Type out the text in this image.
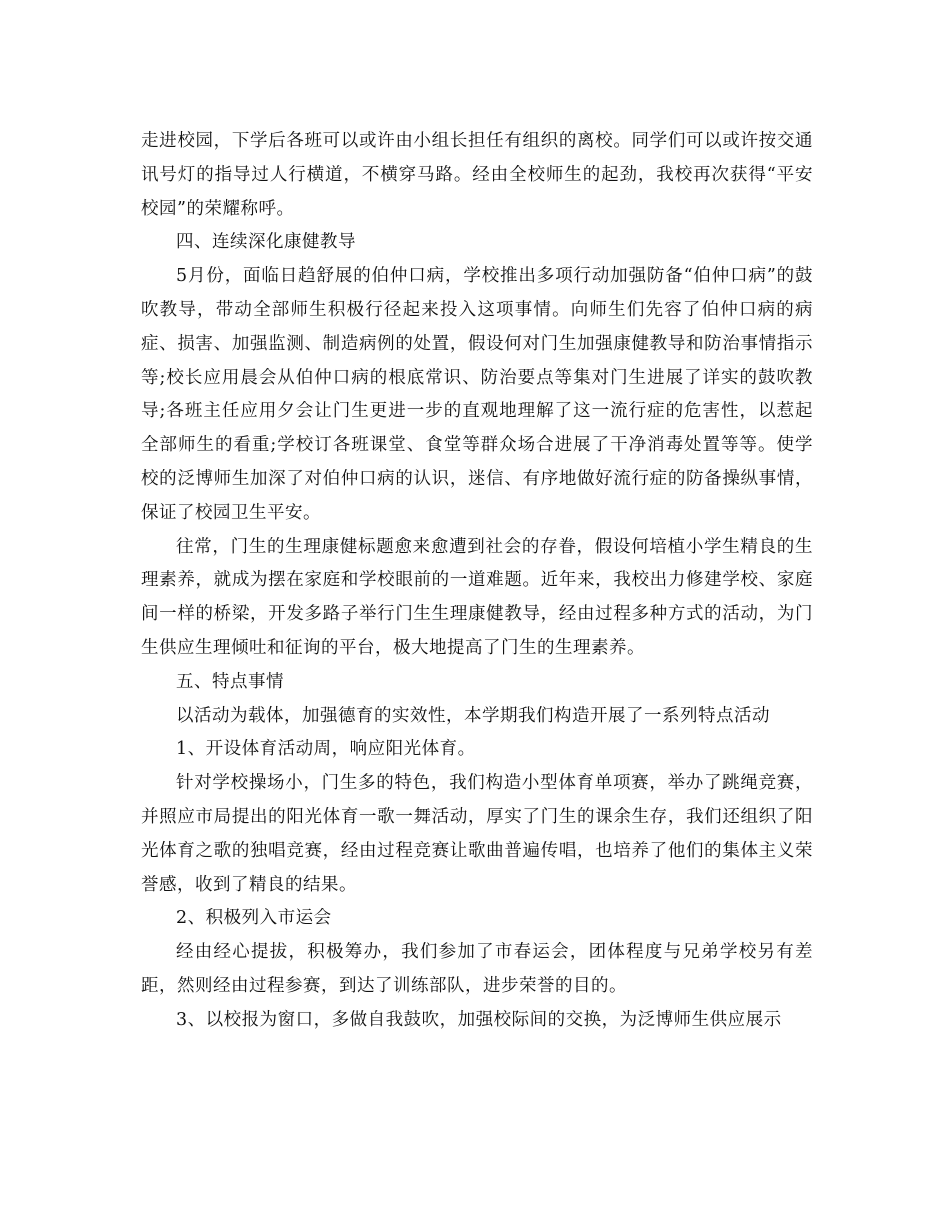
走进校园，下学后各班可以或许由小组长担任有组织的离校。同学们可以或许按交通讯号灯的指导过人行横道，不横穿马路。经由全校师生的起劲，我校再次获得“平安校园”的荣耀称呼。

四、连续深化康健教导

5月份，面临日趋舒展的伯仲口病，学校推出多项行动加强防备“伯仲口病”的鼓吹教导，带动全部师生积极行径起来投入这项事情。向师生们先容了伯仲口病的病症、损害、加强监测、制造病例的处置，假设何对门生加强康健教导和防治事情指示等;校长应用晨会从伯仲口病的根底常识、防治要点等集对门生进展了详实的鼓吹教导;各班主任应用夕会让门生更进一步的直观地理解了这一流行症的危害性，以惹起全部师生的看重;学校订各班课堂、食堂等群众场合进展了干净消毒处置等等。使学校的泛博师生加深了对伯仲口病的认识，迷信、有序地做好流行症的防备操纵事情，保证了校园卫生平安。

往常，门生的生理康健标题愈来愈遭到社会的存眷，假设何培植小学生精良的生理素养，就成为摆在家庭和学校眼前的一道难题。近年来，我校出力修建学校、家庭间一样的桥梁，开发多路子举行门生生理康健教导，经由过程多种方式的活动，为门生供应生理倾吐和征询的平台，极大地提高了门生的生理素养。

五、特点事情

以活动为载体，加强德育的实效性，本学期我们构造开展了一系列特点活动

1、开设体育活动周，响应阳光体育。

针对学校操场小，门生多的特色，我们构造小型体育单项赛，举办了跳绳竞赛，并照应市局提出的阳光体育一歌一舞活动，厚实了门生的课余生存，我们还组织了阳光体育之歌的独唱竞赛，经由过程竞赛让歌曲普遍传唱，也培养了他们的集体主义荣誉感，收到了精良的结果。

2、积极列入市运会

经由经心提拔，积极筹办，我们参加了市春运会，团体程度与兄弟学校另有差距，然则经由过程参赛，到达了训练部队，进步荣誉的目的。

3、以校报为窗口，多做自我鼓吹，加强校际间的交换，为泛博师生供应展示
